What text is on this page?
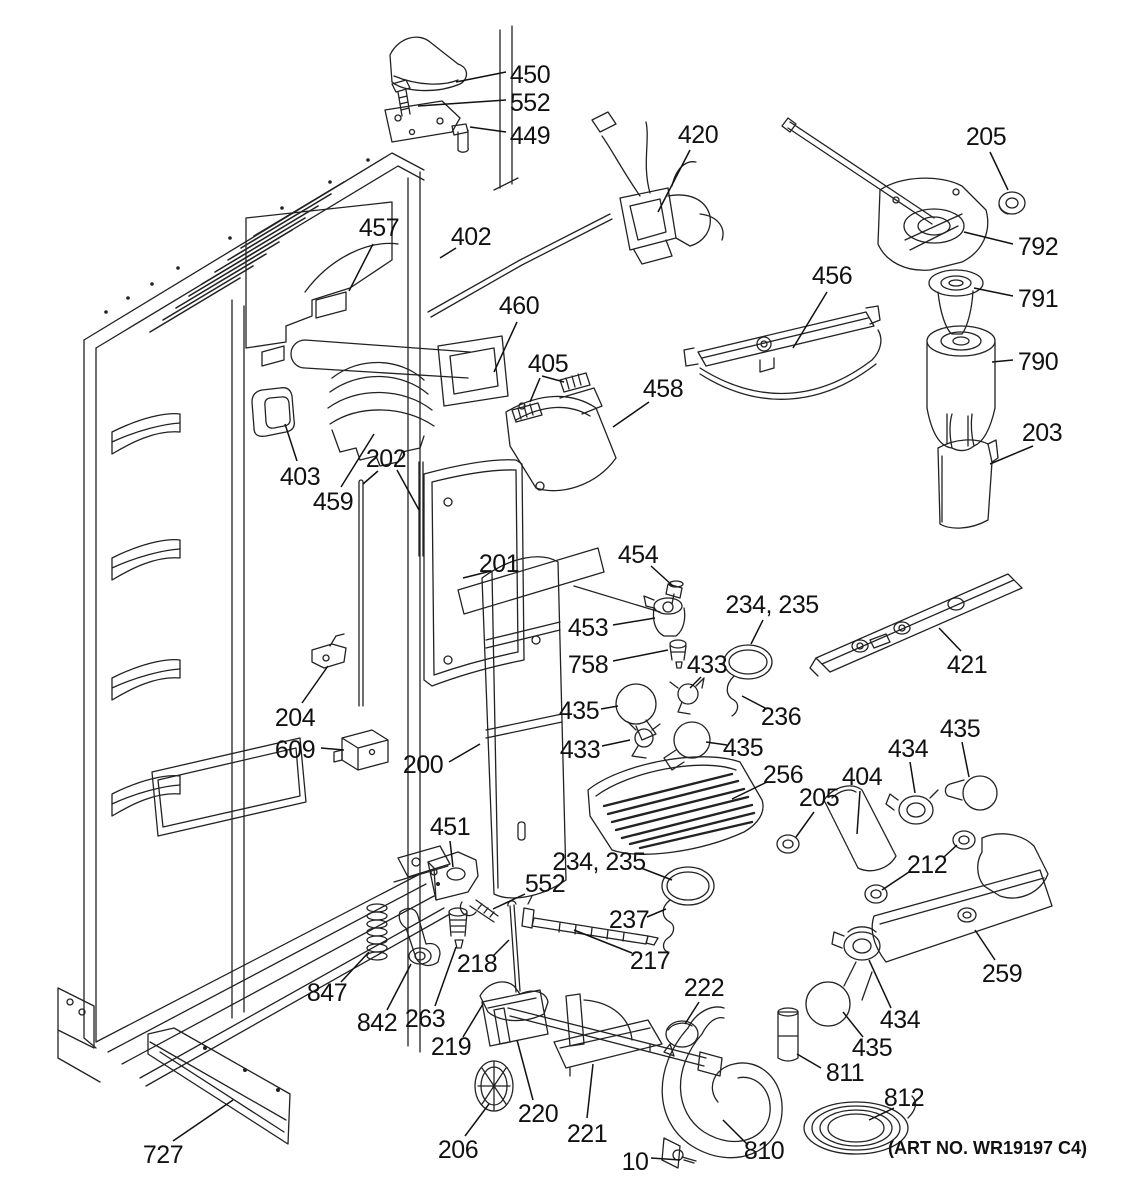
450
552
449	420	205
792
791
790
203
456
457 402
460
405
458
403
459
202
201
204
609
200
454
453
758
234, 235
433
435	236
433	435
256
421
205
404
434
435
212
259
451
552
234, 235
237
218	217
847
842 263
219
220
221
222
206	10	810
811
812
434
435
727	(ART NO. WR19197 C4)
